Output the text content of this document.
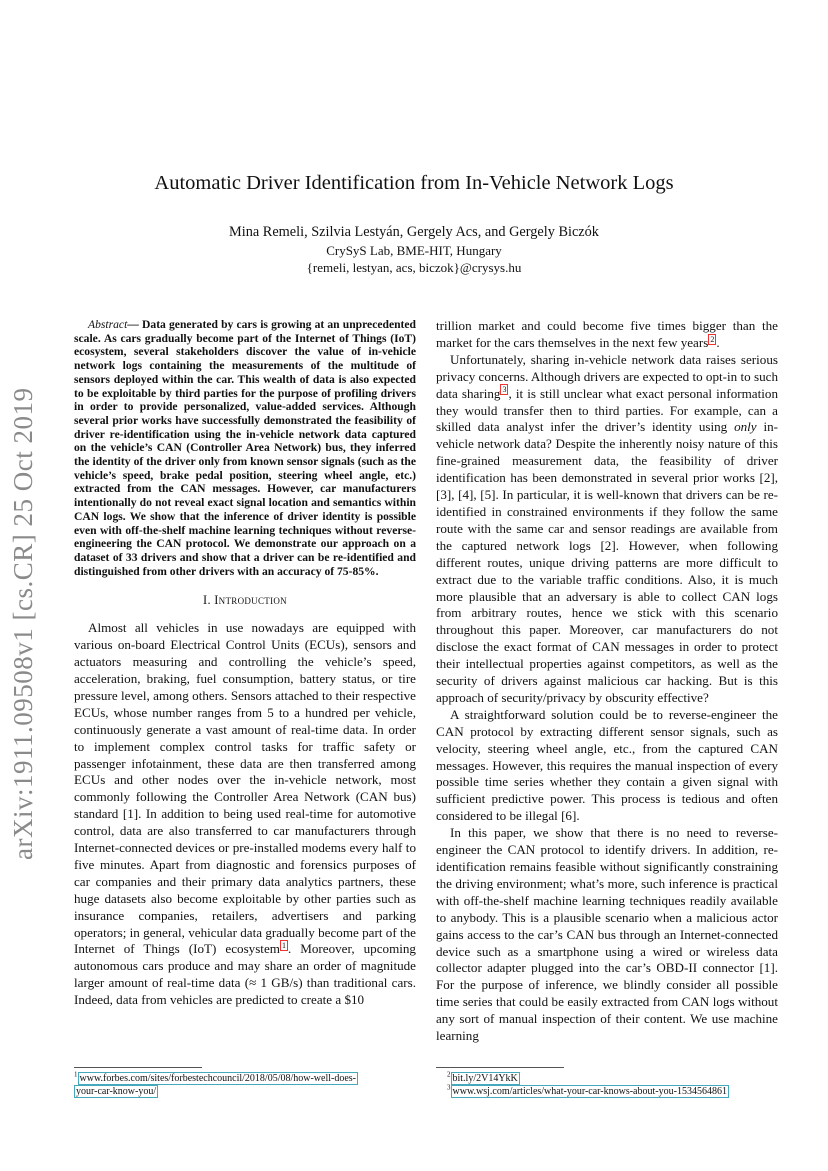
arXiv:1911.09508v1 [cs.CR] 25 Oct 2019
Automatic Driver Identification from In-Vehicle Network Logs
Mina Remeli, Szilvia Lestyán, Gergely Acs, and Gergely Biczók
CrySyS Lab, BME-HIT, Hungary
{remeli, lestyan, acs, biczok}@crysys.hu

Abstract— Data generated by cars is growing at an unprecedented scale. As cars gradually become part of the Internet of Things (IoT) ecosystem, several stakeholders discover the value of in-vehicle network logs containing the measurements of the multitude of sensors deployed within the car. This wealth of data is also expected to be exploitable by third parties for the purpose of profiling drivers in order to provide personalized, value-added services. Although several prior works have successfully demonstrated the feasibility of driver re-identification using the in-vehicle network data captured on the vehicle’s CAN (Controller Area Network) bus, they inferred the identity of the driver only from known sensor signals (such as the vehicle’s speed, brake pedal position, steering wheel angle, etc.) extracted from the CAN messages. However, car manufacturers intentionally do not reveal exact signal location and semantics within CAN logs. We show that the inference of driver identity is possible even with off-the-shelf machine learning techniques without reverse-engineering the CAN protocol. We demonstrate our approach on a dataset of 33 drivers and show that a driver can be re-identified and distinguished from other drivers with an accuracy of 75-85%.

I. Introduction

Almost all vehicles in use nowadays are equipped with various on-board Electrical Control Units (ECUs), sensors and actuators measuring and controlling the vehicle’s speed, acceleration, braking, fuel consumption, battery status, or tire pressure level, among others. Sensors attached to their respective ECUs, whose number ranges from 5 to a hundred per vehicle, continuously generate a vast amount of real-time data. In order to implement complex control tasks for traffic safety or passenger infotainment, these data are then transferred among ECUs and other nodes over the in-vehicle network, most commonly following the Controller Area Network (CAN bus) standard [1]. In addition to being used real-time for automotive control, data are also transferred to car manufacturers through Internet-connected devices or pre-installed modems every half to five minutes. Apart from diagnostic and forensics purposes of car companies and their primary data analytics partners, these huge datasets also become exploitable by other parties such as insurance companies, retailers, advertisers and parking operators; in general, vehicular data gradually become part of the Internet of Things (IoT) ecosystem $^1$ . Moreover, upcoming autonomous cars produce and may share an order of magnitude larger amount of real-time data (≈ 1 GB/s) than traditional cars. Indeed, data from vehicles are predicted to create a $10

trillion market and could become five times bigger than the market for the cars themselves in the next few years $^2$ .

Unfortunately, sharing in-vehicle network data raises serious privacy concerns. Although drivers are expected to opt-in to such data sharing $^3$ , it is still unclear what exact personal information they would transfer then to third parties. For example, can a skilled data analyst infer the driver’s identity using only in-vehicle network data? Despite the inherently noisy nature of this fine-grained measurement data, the feasibility of driver identification has been demonstrated in several prior works [2], [3], [4], [5]. In particular, it is well-known that drivers can be re-identified in constrained environments if they follow the same route with the same car and sensor readings are available from the captured network logs [2]. However, when following different routes, unique driving patterns are more difficult to extract due to the variable traffic conditions. Also, it is much more plausible that an adversary is able to collect CAN logs from arbitrary routes, hence we stick with this scenario throughout this paper. Moreover, car manufacturers do not disclose the exact format of CAN messages in order to protect their intellectual properties against competitors, as well as the security of drivers against malicious car hacking. But is this approach of security/privacy by obscurity effective?

A straightforward solution could be to reverse-engineer the CAN protocol by extracting different sensor signals, such as velocity, steering wheel angle, etc., from the captured CAN messages. However, this requires the manual inspection of every possible time series whether they contain a given signal with sufficient predictive power. This process is tedious and often considered to be illegal [6].

In this paper, we show that there is no need to reverse-engineer the CAN protocol to identify drivers. In addition, re-identification remains feasible without significantly constraining the driving environment; what’s more, such inference is practical with off-the-shelf machine learning techniques readily available to anybody. This is a plausible scenario when a malicious actor gains access to the car’s CAN bus through an Internet-connected device such as a smartphone using a wired or wireless data collector adapter plugged into the car’s OBD-II connector [1]. For the purpose of inference, we blindly consider all possible time series that could be easily extracted from CAN logs without any sort of manual inspection of their content. We use machine learning

$^1$ www.forbes.com/sites/forbestechcouncil/2018/05/08/how-well-does-
your-car-know-you/
$^2$ bit.ly/2V14YkK
$^3$ www.wsj.com/articles/what-your-car-knows-about-you-1534564861
